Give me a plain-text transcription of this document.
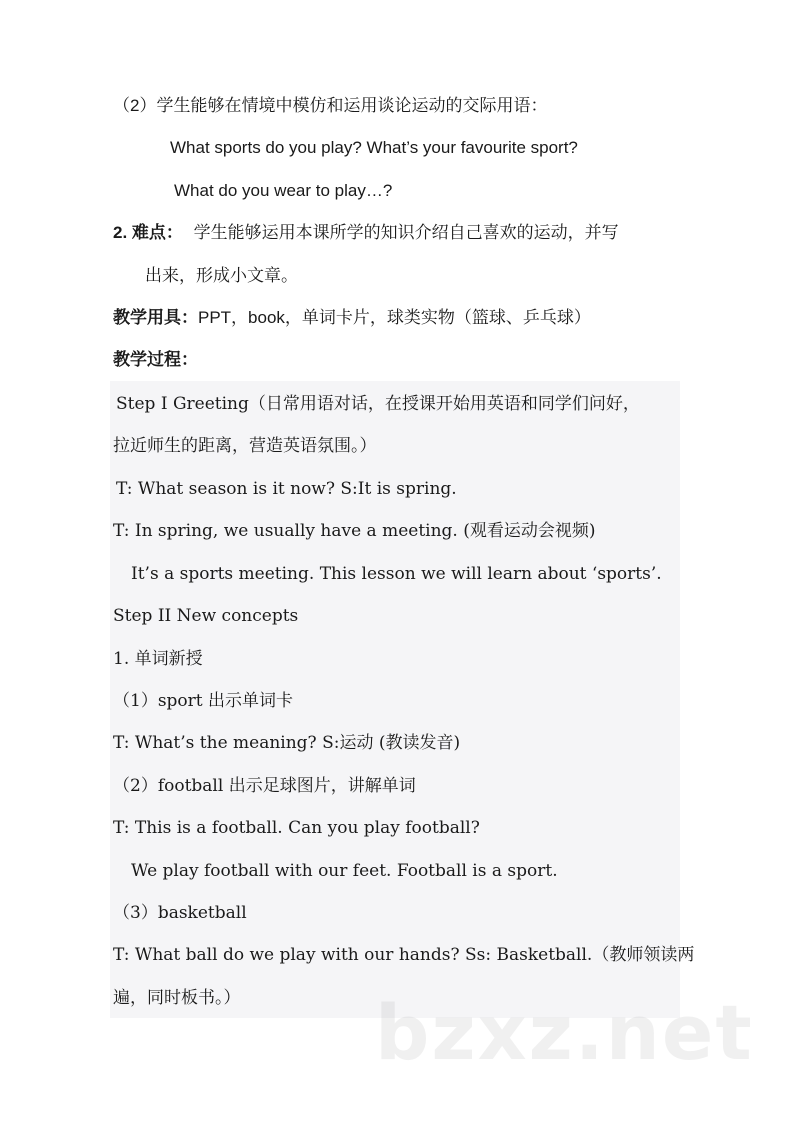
（2）学生能够在情境中模仿和运用谈论运动的交际用语：
What sports do you play? What’s your favourite sport?
What do you wear to play…?
2. 难点： 学生能够运用本课所学的知识介绍自己喜欢的运动，并写
出来，形成小文章。
教学用具：PPT，book，单词卡片，球类实物（篮球、乒乓球）
教学过程：
Step I Greeting（日常用语对话，在授课开始用英语和同学们问好，
拉近师生的距离，营造英语氛围。）
T: What season is it now? S:It is spring.
T: In spring, we usually have a meeting. (观看运动会视频)
It’s a sports meeting. This lesson we will learn about ‘sports’.
Step II New concepts
1. 单词新授
（1）sport 出示单词卡
T: What’s the meaning? S:运动 (教读发音)
（2）football 出示足球图片，讲解单词
T: This is a football. Can you play football?
We play football with our feet. Football is a sport.
（3）basketball
T: What ball do we play with our hands? Ss: Basketball.（教师领读两
遍，同时板书。） bzxz.net
